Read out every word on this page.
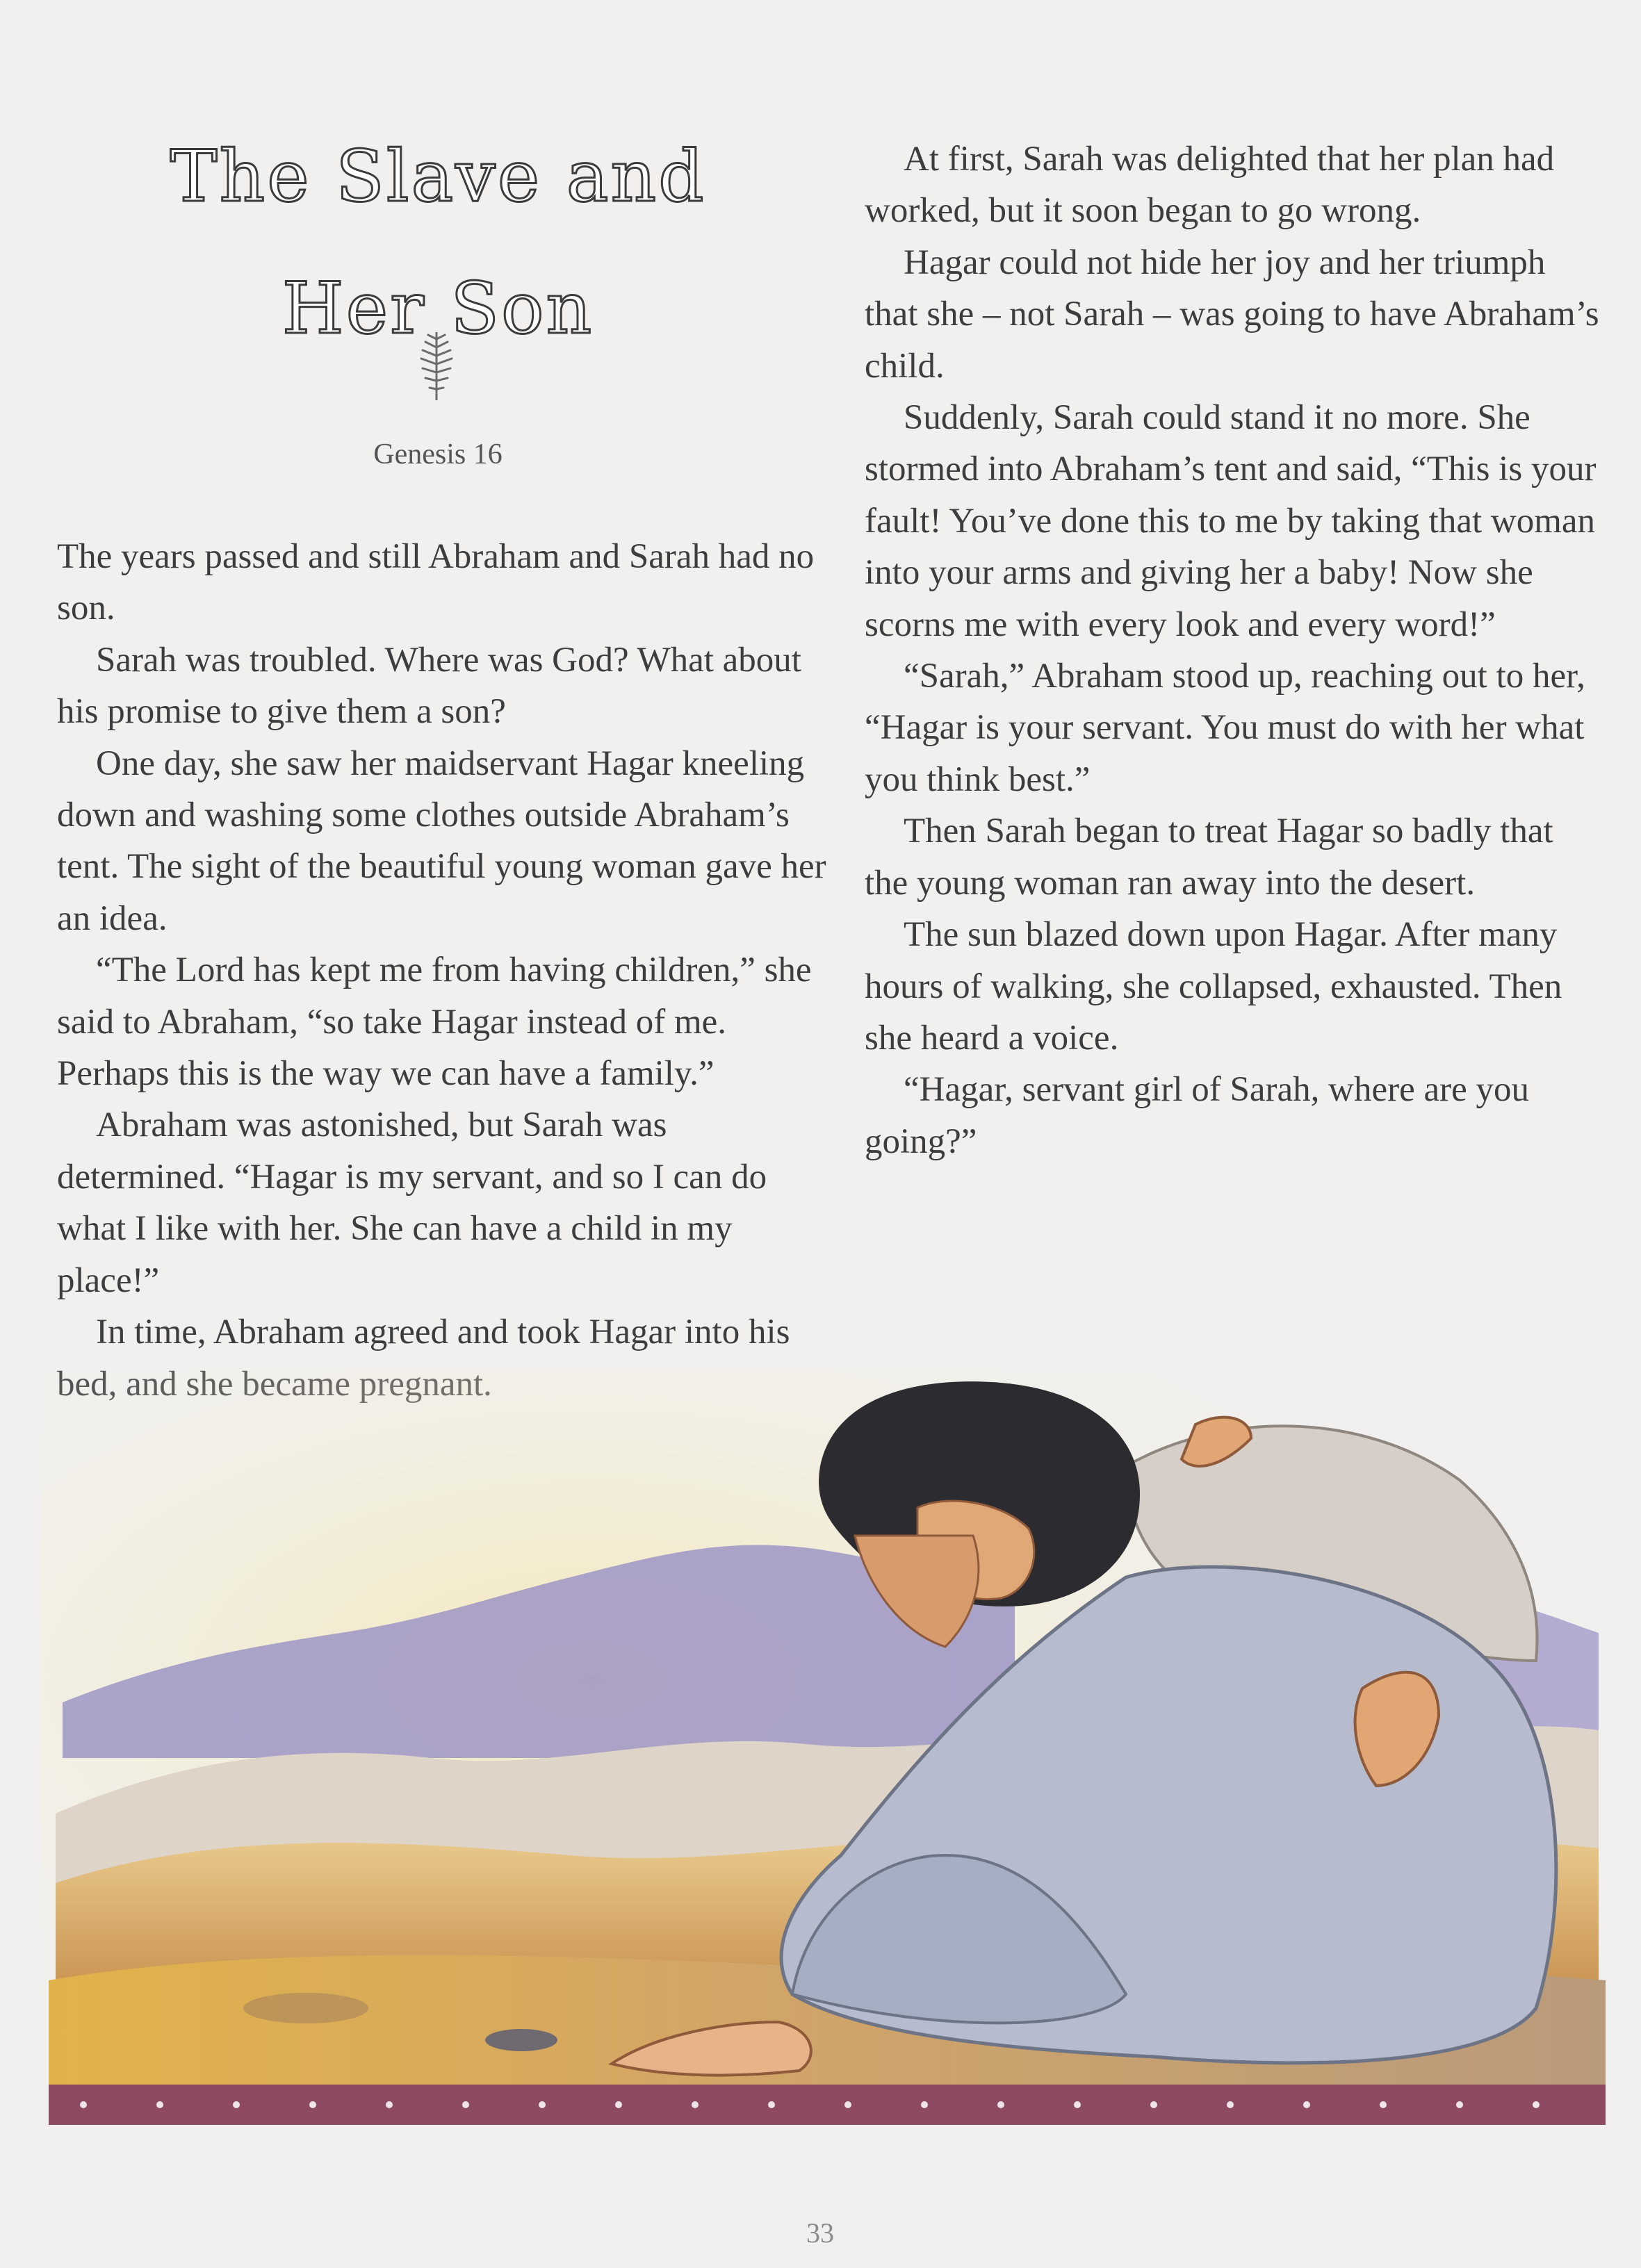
The Slave and
Her Son
Genesis 16

The years passed and still Abraham and Sarah had no son.

Sarah was troubled. Where was God? What about his promise to give them a son?

One day, she saw her maidservant Hagar kneeling down and washing some clothes outside Abraham’s tent. The sight of the beautiful young woman gave her an idea.

“The Lord has kept me from having children,” she said to Abraham, “so take Hagar instead of me. Perhaps this is the way we can have a family.”

Abraham was astonished, but Sarah was determined. “Hagar is my servant, and so I can do what I like with her. She can have a child in my place!”

In time, Abraham agreed and took Hagar into his

At first, Sarah was delighted that her plan had worked, but it soon began to go wrong.

Hagar could not hide her joy and her triumph that she – not Sarah – was going to have Abraham’s child.

Suddenly, Sarah could stand it no more. She stormed into Abraham’s tent and said, “This is your fault! You’ve done this to me by taking that woman into your arms and giving her a baby! Now she scorns me with every look and every word!”

“Sarah,” Abraham stood up, reaching out to her, “Hagar is your servant. You must do with her what you think best.”

Then Sarah began to treat Hagar so badly that the young woman ran away into the desert.

The sun blazed down upon Hagar. After many hours of walking, she collapsed, exhausted. Then she heard a voice.

“Hagar, servant girl of Sarah, where are you going?”

33
